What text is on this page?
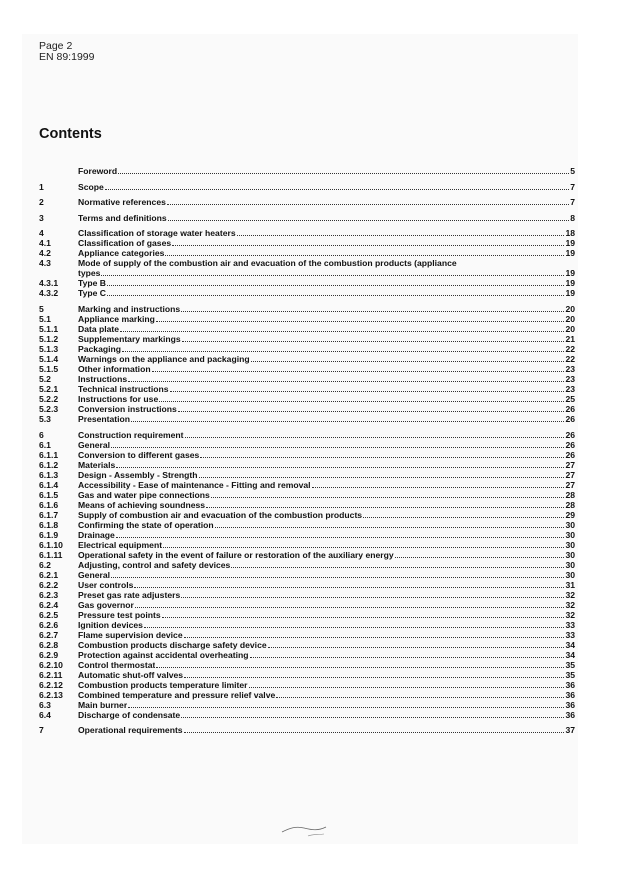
Page 2
EN 89:1999
Contents
Foreword	5
1	Scope	7
2	Normative references	7
3	Terms and definitions	8
4	Classification of storage water heaters	18
4.1	Classification of gases	19
4.2	Appliance categories	19
4.3	Mode of supply of the combustion air and evacuation of the combustion products (appliance
types	19
4.3.1	Type B	19
4.3.2	Type C	19
5	Marking and instructions	20
5.1	Appliance marking	20
5.1.1	Data plate	20
5.1.2	Supplementary markings	21
5.1.3	Packaging	22
5.1.4	Warnings on the appliance and packaging	22
5.1.5	Other information	23
5.2	Instructions	23
5.2.1	Technical instructions	23
5.2.2	Instructions for use	25
5.2.3	Conversion instructions	26
5.3	Presentation	26
6	Construction requirement	26
6.1	General	26
6.1.1	Conversion to different gases	26
6.1.2	Materials	27
6.1.3	Design - Assembly - Strength	27
6.1.4	Accessibility - Ease of maintenance - Fitting and removal	27
6.1.5	Gas and water pipe connections	28
6.1.6	Means of achieving soundness	28
6.1.7	Supply of combustion air and evacuation of the combustion products	29
6.1.8	Confirming the state of operation	30
6.1.9	Drainage	30
6.1.10	Electrical equipment	30
6.1.11	Operational safety in the event of failure or restoration of the auxiliary energy	30
6.2	Adjusting, control and safety devices	30
6.2.1	General	30
6.2.2	User controls	31
6.2.3	Preset gas rate adjusters	32
6.2.4	Gas governor	32
6.2.5	Pressure test points	32
6.2.6	Ignition devices	33
6.2.7	Flame supervision device	33
6.2.8	Combustion products discharge safety device	34
6.2.9	Protection against accidental overheating	34
6.2.10	Control thermostat	35
6.2.11	Automatic shut-off valves	35
6.2.12	Combustion products temperature limiter	36
6.2.13	Combined temperature and pressure relief valve	36
6.3	Main burner	36
6.4	Discharge of condensate	36
7	Operational requirements	37
